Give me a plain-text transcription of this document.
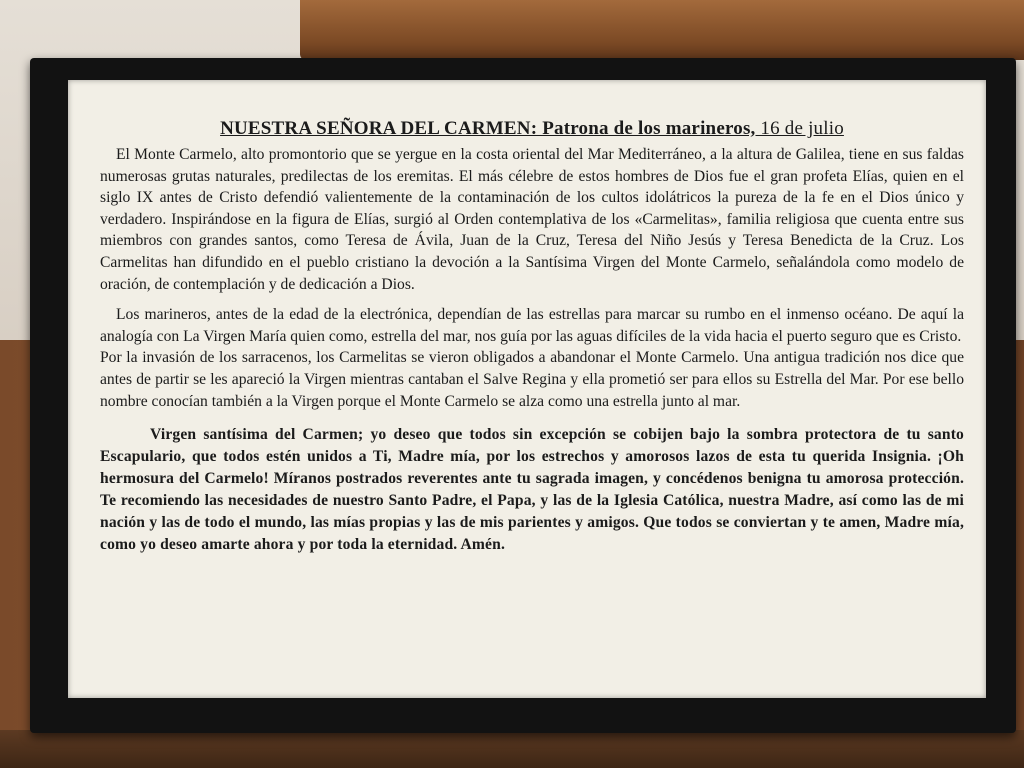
NUESTRA SEÑORA DEL CARMEN: Patrona de los marineros, 16 de julio

El Monte Carmelo, alto promontorio que se yergue en la costa oriental del Mar Mediterráneo, a la altura de Galilea, tiene en sus faldas numerosas grutas naturales, predilectas de los eremitas. El más célebre de estos hombres de Dios fue el gran profeta Elías, quien en el siglo IX antes de Cristo defendió valientemente de la contaminación de los cultos idolátricos la pureza de la fe en el Dios único y verdadero. Inspirándose en la figura de Elías, surgió al Orden contemplativa de los «Carmelitas», familia religiosa que cuenta entre sus miembros con grandes santos, como Teresa de Ávila, Juan de la Cruz, Teresa del Niño Jesús y Teresa Benedicta de la Cruz. Los Carmelitas han difundido en el pueblo cristiano la devoción a la Santísima Virgen del Monte Carmelo, señalándola como modelo de oración, de contemplación y de dedicación a Dios.

Los marineros, antes de la edad de la electrónica, dependían de las estrellas para marcar su rumbo en el inmenso océano. De aquí la analogía con La Virgen María quien como, estrella del mar, nos guía por las aguas difíciles de la vida hacia el puerto seguro que es Cristo.

Por la invasión de los sarracenos, los Carmelitas se vieron obligados a abandonar el Monte Carmelo. Una antigua tradición nos dice que antes de partir se les apareció la Virgen mientras cantaban el Salve Regina y ella prometió ser para ellos su Estrella del Mar. Por ese bello nombre conocían también a la Virgen porque el Monte Carmelo se alza como una estrella junto al mar.

Virgen santísima del Carmen; yo deseo que todos sin excepción se cobijen bajo la sombra protectora de tu santo Escapulario, que todos estén unidos a Ti, Madre mía, por los estrechos y amorosos lazos de esta tu querida Insignia. ¡Oh hermosura del Carmelo! Míranos postrados reverentes ante tu sagrada imagen, y concédenos benigna tu amorosa protección. Te recomiendo las necesidades de nuestro Santo Padre, el Papa, y las de la Iglesia Católica, nuestra Madre, así como las de mi nación y las de todo el mundo, las mías propias y las de mis parientes y amigos. Que todos se conviertan y te amen, Madre mía, como yo deseo amarte ahora y por toda la eternidad. Amén.
